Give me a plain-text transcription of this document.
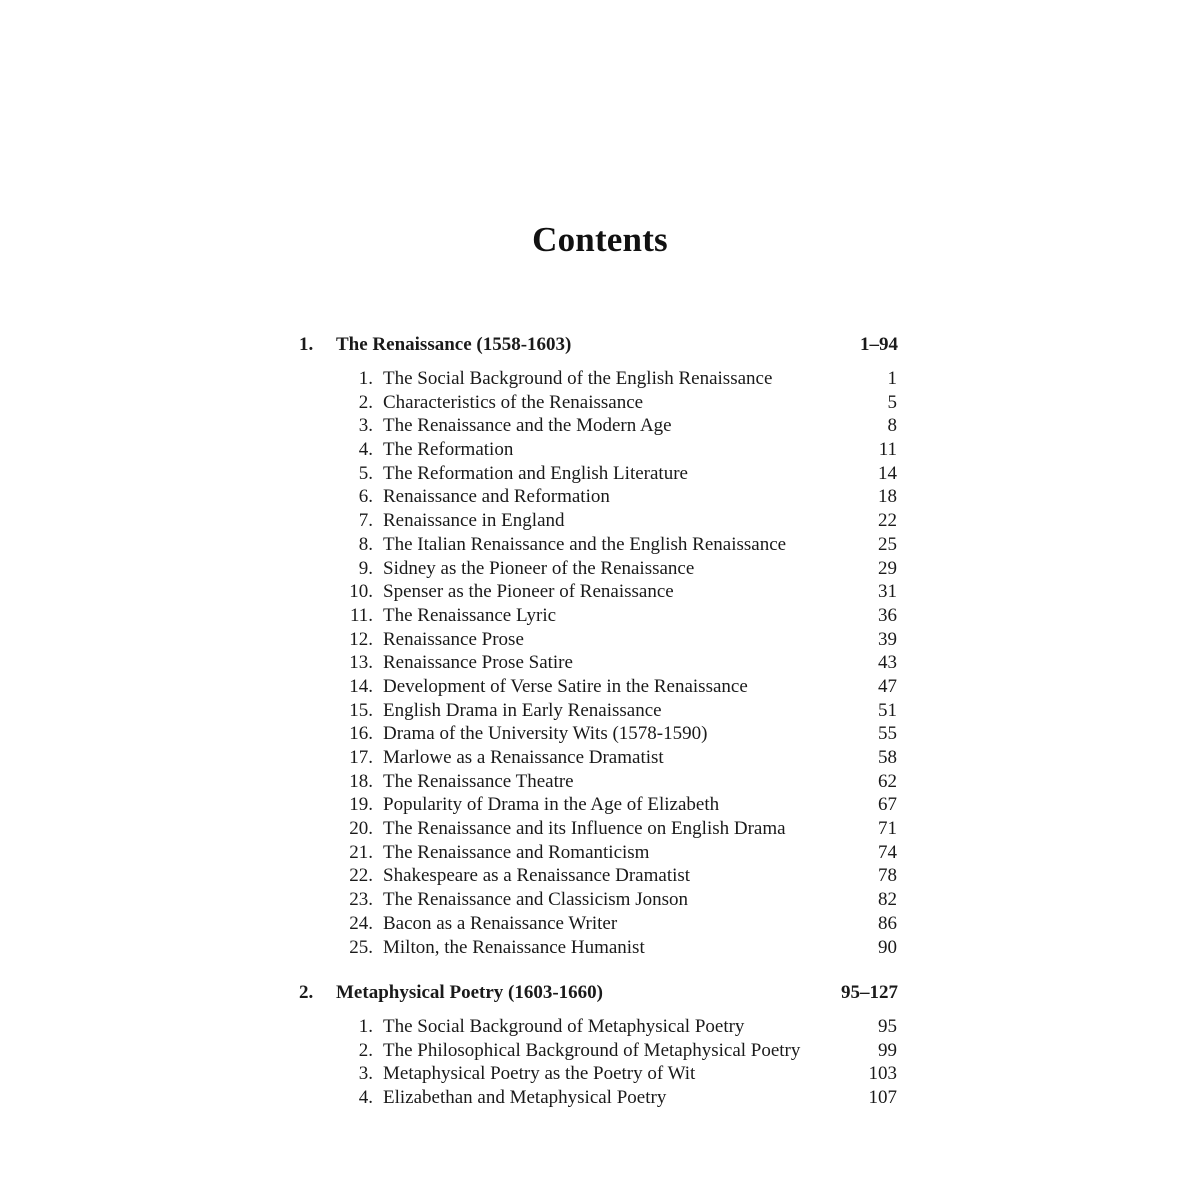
Contents
1. The Renaissance (1558-1603)	1–94
1. The Social Background of the English Renaissance	1
2. Characteristics of the Renaissance	5
3. The Renaissance and the Modern Age	8
4. The Reformation	11
5. The Reformation and English Literature	14
6. Renaissance and Reformation	18
7. Renaissance in England	22
8. The Italian Renaissance and the English Renaissance	25
9. Sidney as the Pioneer of the Renaissance	29
10. Spenser as the Pioneer of Renaissance	31
11. The Renaissance Lyric	36
12. Renaissance Prose	39
13. Renaissance Prose Satire	43
14. Development of Verse Satire in the Renaissance	47
15. English Drama in Early Renaissance	51
16. Drama of the University Wits (1578-1590)	55
17. Marlowe as a Renaissance Dramatist	58
18. The Renaissance Theatre	62
19. Popularity of Drama in the Age of Elizabeth	67
20. The Renaissance and its Influence on English Drama	71
21. The Renaissance and Romanticism	74
22. Shakespeare as a Renaissance Dramatist	78
23. The Renaissance and Classicism Jonson	82
24. Bacon as a Renaissance Writer	86
25. Milton, the Renaissance Humanist	90
2. Metaphysical Poetry (1603-1660)	95–127
1. The Social Background of Metaphysical Poetry	95
2. The Philosophical Background of Metaphysical Poetry	99
3. Metaphysical Poetry as the Poetry of Wit	103
4. Elizabethan and Metaphysical Poetry	107
